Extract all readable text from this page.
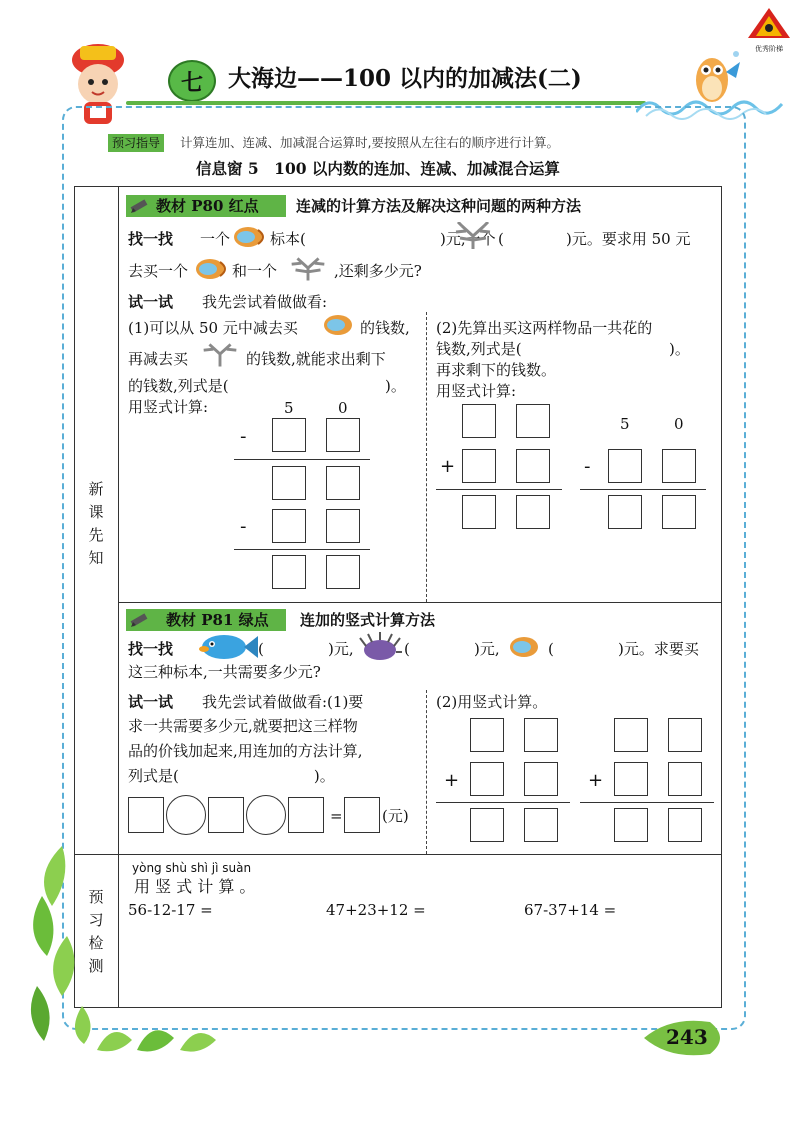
优秀阶梯
七 大海边——100 以内的加减法(二)
预习指导	计算连加、连减、加减混合运算时,要按照从左往右的顺序进行计算。
信息窗 5　100 以内数的连加、连减、加减混合运算
新
课
先
知
预
习
检
测
教材 P80 红点 连减的计算方法及解决这种问题的两种方法
找一找 一个	标本(	　　　　)元,一个 ( 　　　　)元。要求用 50 元
去买一个	和一个	,还剩多少元?
试一试 我先尝试着做做看:
(1)可以从 50 元中减去买	的钱数,
再减去买	的钱数,就能求出剩下
的钱数,列式是( 　　　　　　　　　)。
用竖式计算:	5	0
-
-
(2)先算出买这两样物品一共花的
钱数,列式是( 　　　　　　　　　)。
再求剩下的钱数。
用竖式计算:
+
5	0
-
教材 P81 绿点 连加的竖式计算方法
找一找	( 　　　　)元,	( 　　　　)元,	( 　　　　)元。求要买
这三种标本,一共需要多少元?
试一试 我先尝试着做做看:(1)要
求一共需要多少元,就要把这三样物
品的价钱加起来,用连加的方法计算,
列式是(　　　　　　　　　)。
=	(元)
(2)用竖式计算。
+	+
yòng shù shì jì suàn
用 竖 式 计 算 。
56-12-17 =	47+23+12 =	67-37+14 =
243
